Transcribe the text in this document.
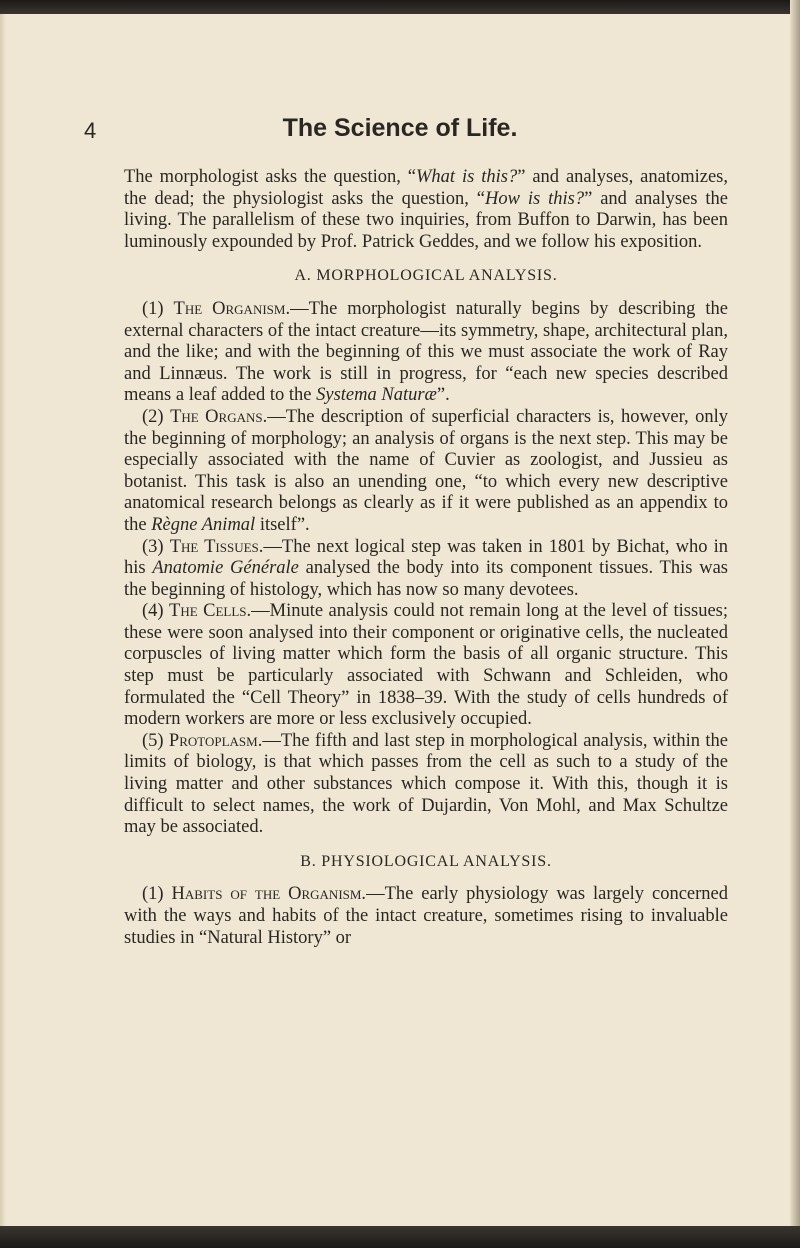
4	The Science of Life.

The morphologist asks the question, “What is this?” and analyses, anatomizes, the dead; the physiologist asks the question, “How is this?” and analyses the living. The parallelism of these two inquiries, from Buffon to Darwin, has been luminously expounded by Prof. Patrick Geddes, and we follow his exposition.

A. MORPHOLOGICAL ANALYSIS.

(1) The Organism.—The morphologist naturally begins by describing the external characters of the intact creature—its symmetry, shape, architectural plan, and the like; and with the beginning of this we must associate the work of Ray and Linnæus. The work is still in progress, for “each new species described means a leaf added to the Systema Naturæ”.

(2) The Organs.—The description of superficial characters is, however, only the beginning of morphology; an analysis of organs is the next step. This may be especially associated with the name of Cuvier as zoologist, and Jussieu as botanist. This task is also an unending one, “to which every new descriptive anatomical research belongs as clearly as if it were published as an appendix to the Règne Animal itself”.

(3) The Tissues.—The next logical step was taken in 1801 by Bichat, who in his Anatomie Générale analysed the body into its component tissues. This was the beginning of histology, which has now so many devotees.

(4) The Cells.—Minute analysis could not remain long at the level of tissues; these were soon analysed into their component or originative cells, the nucleated corpuscles of living matter which form the basis of all organic structure. This step must be particularly associated with Schwann and Schleiden, who formulated the “Cell Theory” in 1838–39. With the study of cells hundreds of modern workers are more or less exclusively occupied.

(5) Protoplasm.—The fifth and last step in morphological analysis, within the limits of biology, is that which passes from the cell as such to a study of the living matter and other substances which compose it. With this, though it is difficult to select names, the work of Dujardin, Von Mohl, and Max Schultze may be associated.

B. PHYSIOLOGICAL ANALYSIS.

(1) Habits of the Organism.—The early physiology was largely concerned with the ways and habits of the intact creature, sometimes rising to invaluable studies in “Natural History” or
